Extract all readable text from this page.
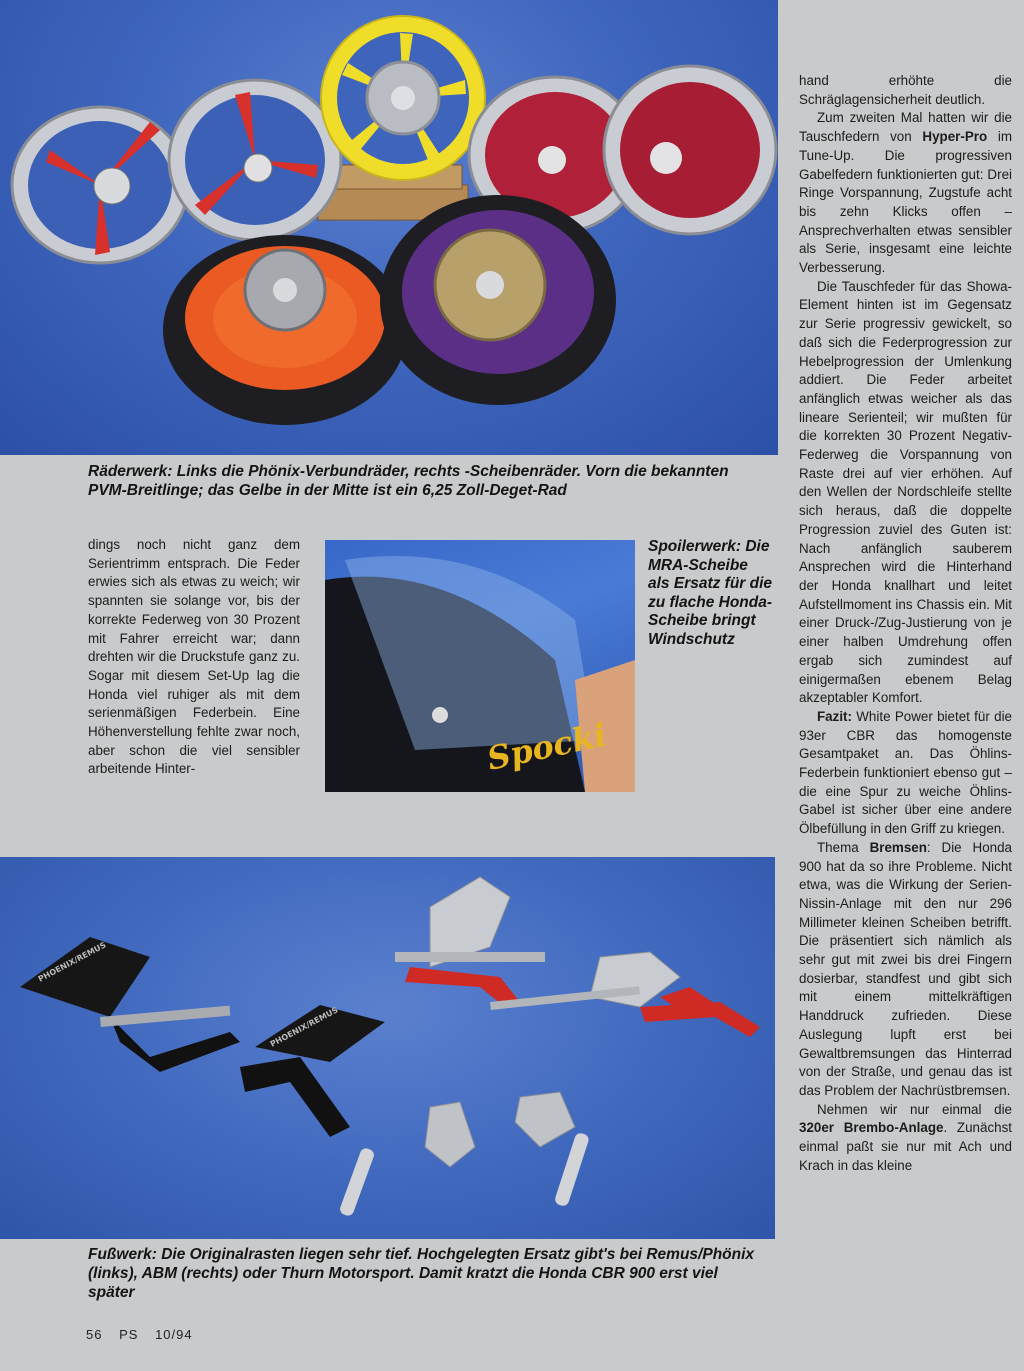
Räderwerk: Links die Phönix-Verbundräder, rechts -Scheibenräder. Vorn die bekannten PVM-Breitlinge; das Gelbe in der Mitte ist ein 6,25 Zoll-Deget-Rad

dings noch nicht ganz dem Serientrimm entsprach. Die Feder erwies sich als etwas zu weich; wir spannten sie solange vor, bis der korrekte Federweg von 30 Prozent mit Fahrer erreicht war; dann drehten wir die Druckstufe ganz zu. Sogar mit diesem Set-Up lag die Honda viel ruhiger als mit dem serienmäßigen Federbein. Eine Höhenverstellung fehlte zwar noch, aber schon die viel sensibler arbeitende Hinter-	Spocki
Spoilerwerk: Die MRA-Scheibe als Ersatz für die zu flache Honda-Scheibe bringt Windschutz
PHOENIX/REMUS
PHOENIX/REMUS
Fußwerk: Die Originalrasten liegen sehr tief. Hochgelegten Ersatz gibt's bei Remus/Phönix (links), ABM (rechts) oder Thurn Motorsport. Damit kratzt die Honda CBR 900 erst viel später

hand erhöhte die Schräglagensicherheit deutlich.

Zum zweiten Mal hatten wir die Tauschfedern von Hyper-Pro im Tune-Up. Die progressiven Gabelfedern funktionierten gut: Drei Ringe Vorspannung, Zugstufe acht bis zehn Klicks offen – Ansprechverhalten etwas sensibler als Serie, insgesamt eine leichte Verbesserung.

Die Tauschfeder für das Showa-Element hinten ist im Gegensatz zur Serie progressiv gewickelt, so daß sich die Federprogression zur Hebelprogression der Umlenkung addiert. Die Feder arbeitet anfänglich etwas weicher als das lineare Serienteil; wir mußten für die korrekten 30 Prozent Negativ-Federweg die Vorspannung von Raste drei auf vier erhöhen. Auf den Wellen der Nordschleife stellte sich heraus, daß die doppelte Progression zuviel des Guten ist: Nach anfänglich sauberem Ansprechen wird die Hinterhand der Honda knallhart und leitet Aufstellmoment ins Chassis ein. Mit einer Druck-/Zug-Justierung von je einer halben Umdrehung offen ergab sich zumindest auf einigermaßen ebenem Belag akzeptabler Komfort.

Fazit: White Power bietet für die 93er CBR das homogenste Gesamtpaket an. Das Öhlins-Federbein funktioniert ebenso gut – die eine Spur zu weiche Öhlins-Gabel ist sicher über eine andere Ölbefüllung in den Griff zu kriegen.

Thema Bremsen: Die Honda 900 hat da so ihre Probleme. Nicht etwa, was die Wirkung der Serien-Nissin-Anlage mit den nur 296 Millimeter kleinen Scheiben betrifft. Die präsentiert sich nämlich als sehr gut mit zwei bis drei Fingern dosierbar, standfest und gibt sich mit einem mittelkräftigen Handdruck zufrieden. Diese Auslegung lupft erst bei Gewaltbremsungen das Hinterrad von der Straße, und genau das ist das Problem der Nachrüstbremsen.

Nehmen wir nur einmal die 320er Brembo-Anlage. Zunächst einmal paßt sie nur mit Ach und Krach in das kleine

56 PS 10/94
